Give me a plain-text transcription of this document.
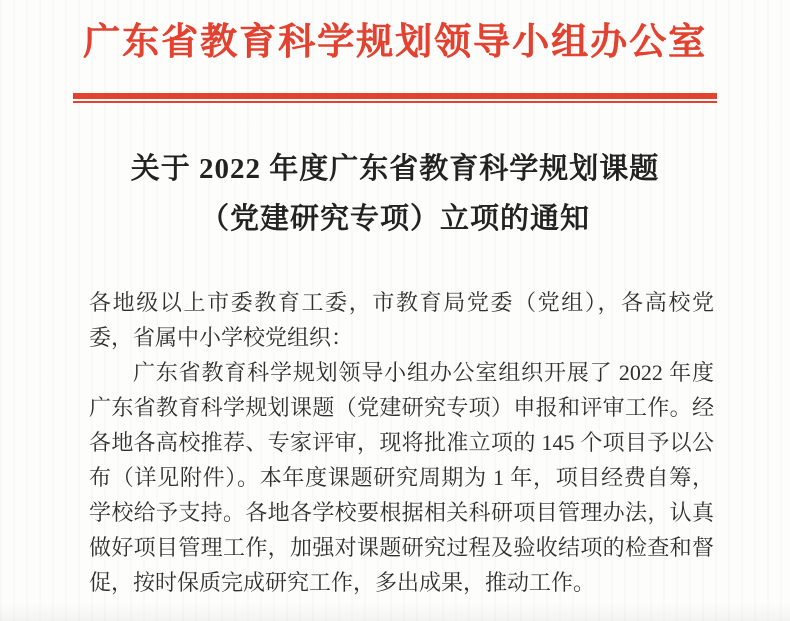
广东省教育科学规划领导小组办公室
关于 2022 年度广东省教育科学规划课题
（党建研究专项）立项的通知

各地级以上市委教育工委，市教育局党委（党组），各高校党委，省属中小学校党组织：

广东省教育科学规划领导小组办公室组织开展了 2022 年度广东省教育科学规划课题（党建研究专项）申报和评审工作。经各地各高校推荐、专家评审，现将批准立项的 145 个项目予以公布（详见附件）。本年度课题研究周期为 1 年，项目经费自筹，学校给予支持。各地各学校要根据相关科研项目管理办法，认真做好项目管理工作，加强对课题研究过程及验收结项的检查和督促，按时保质完成研究工作，多出成果，推动工作。
